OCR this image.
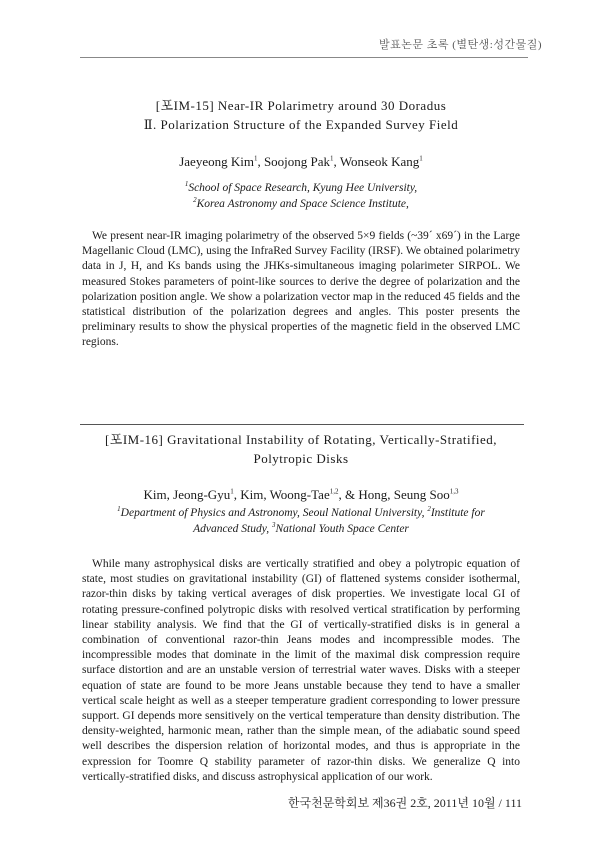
발표논문 초록 (별탄생:성간물질)

[포IM-15] Near-IR Polarimetry around 30 Doradus
Ⅱ. Polarization Structure of the Expanded Survey Field

Jaeyeong Kim$^1$, Soojong Pak$^1$, Wonseok Kang$^1$

$^1$School of Space Research, Kyung Hee University,

$^2$Korea Astronomy and Space Science Institute,

We present near-IR imaging polarimetry of the observed 5×9 fields (~39´ x69´) in the Large Magellanic Cloud (LMC), using the InfraRed Survey Facility (IRSF). We obtained polarimetry data in J, H, and Ks bands using the JHKs-simultaneous imaging polarimeter SIRPOL. We measured Stokes parameters of point-like sources to derive the degree of polarization and the polarization position angle. We show a polarization vector map in the reduced 45 fields and the statistical distribution of the polarization degrees and angles. This poster presents the preliminary results to show the physical properties of the magnetic field in the observed LMC regions.

[포IM-16] Gravitational Instability of Rotating, Vertically-Stratified,
Polytropic Disks

Kim, Jeong-Gyu$^1$, Kim, Woong-Tae$^{1,2}$, & Hong, Seung Soo$^{1,3}$

$^1$Department of Physics and Astronomy, Seoul National University, $^2$Institute for

Advanced Study, $^3$National Youth Space Center

While many astrophysical disks are vertically stratified and obey a polytropic equation of state, most studies on gravitational instability (GI) of flattened systems consider isothermal, razor-thin disks by taking vertical averages of disk properties. We investigate local GI of rotating pressure-confined polytropic disks with resolved vertical stratification by performing linear stability analysis. We find that the GI of vertically-stratified disks is in general a combination of conventional razor-thin Jeans modes and incompressible modes. The incompressible modes that dominate in the limit of the maximal disk compression require surface distortion and are an unstable version of terrestrial water waves. Disks with a steeper equation of state are found to be more Jeans unstable because they tend to have a smaller vertical scale height as well as a steeper temperature gradient corresponding to lower pressure support. GI depends more sensitively on the vertical temperature than density distribution. The density-weighted, harmonic mean, rather than the simple mean, of the adiabatic sound speed well describes the dispersion relation of horizontal modes, and thus is appropriate in the expression for Toomre Q stability parameter of razor-thin disks. We generalize Q into vertically-stratified disks, and discuss astrophysical application of our work.

한국천문학회보 제36권 2호, 2011년 10월 / 111
